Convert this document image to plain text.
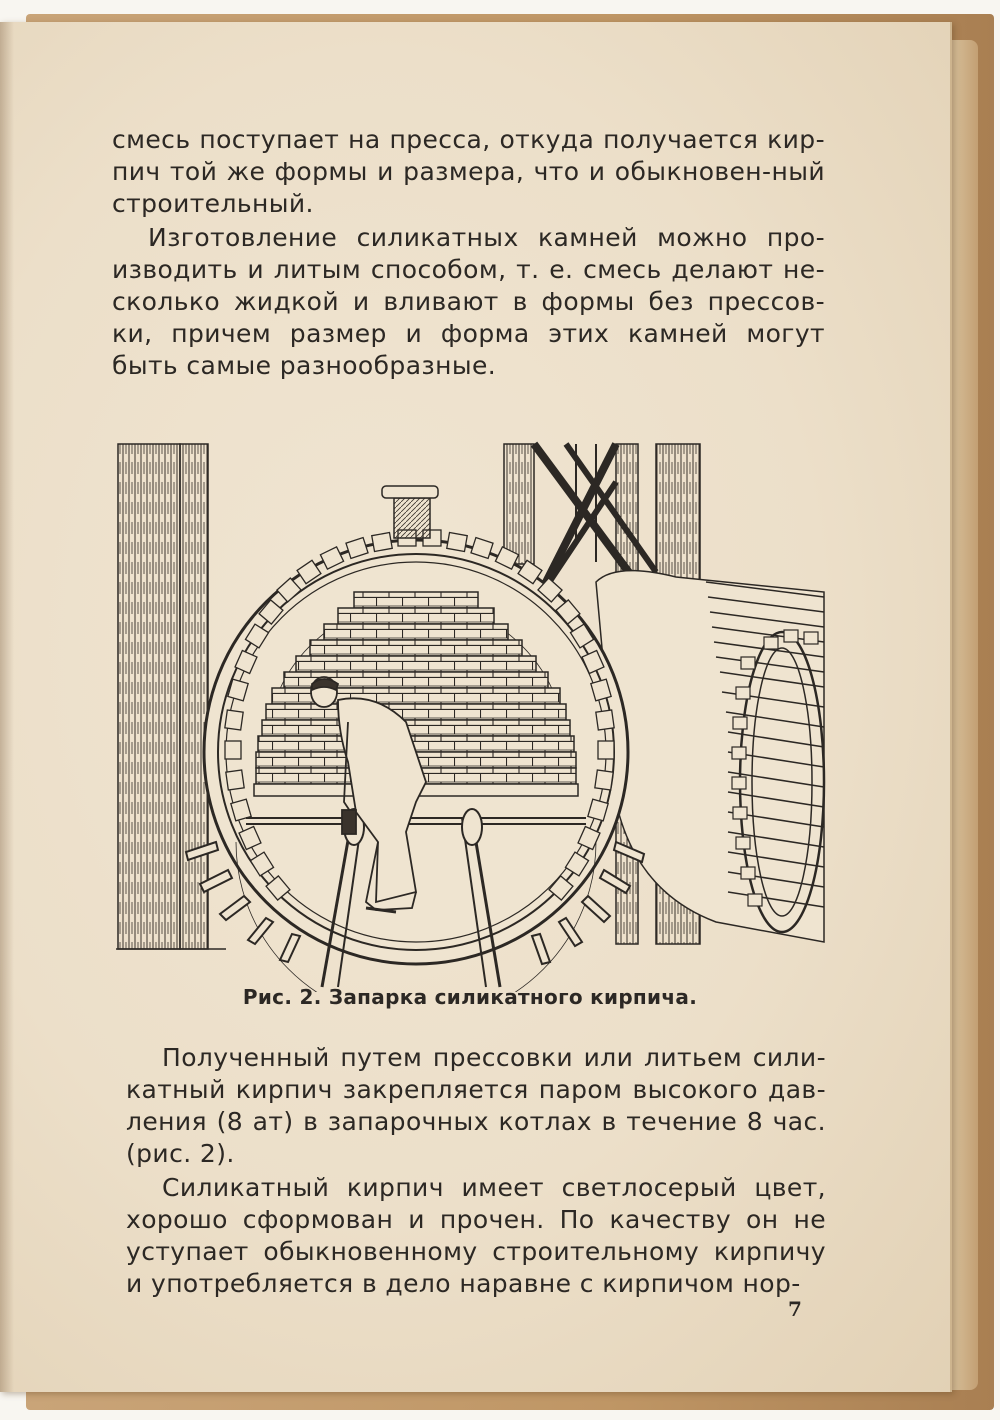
смесь поступает на пресса, откуда получается кир-пич той же формы и размера, что и обыкновен-ный строительный.

Изготовление силикатных камней можно про-изводить и литым способом, т. е. смесь делают не-сколько жидкой и вливают в формы без прессов-ки, причем размер и форма этих камней могут быть самые разнообразные.

Рис. 2. Запарка силикатного кирпича.

Полученный путем прессовки или литьем сили-катный кирпич закрепляется паром высокого дав-ления (8 ат) в запарочных котлах в течение 8 час. (рис. 2).

Силикатный кирпич имеет светлосерый цвет, хорошо сформован и прочен. По качеству он не уступает обыкновенному строительному кирпичу и употребляется в дело наравне с кирпичом нор-

7
